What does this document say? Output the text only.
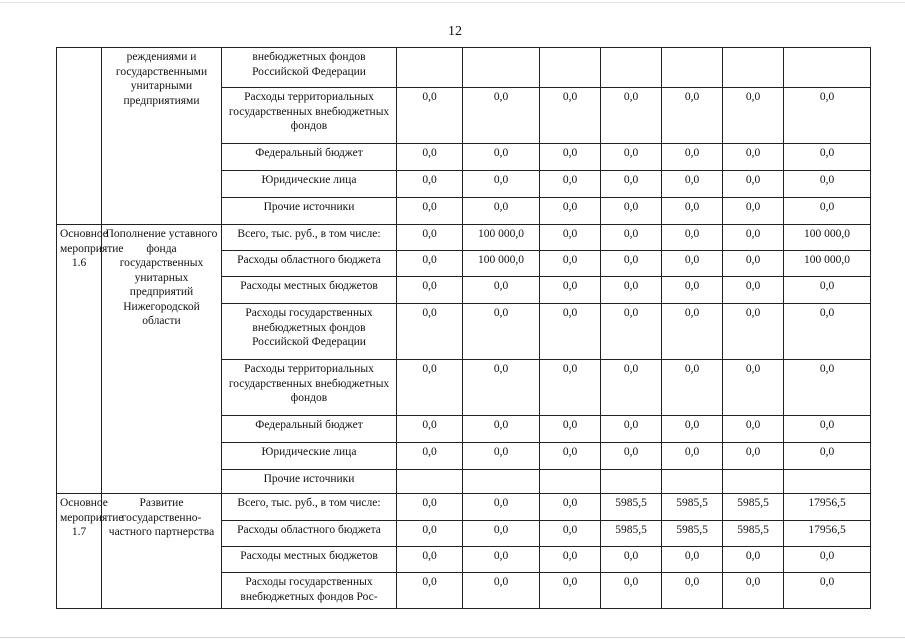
12
	реждениями и государственными унитарными предприятиями	внебюджетных фондов Российской Федерации							
		Расходы территориальных государственных внебюджетных фондов	0,0	0,0	0,0	0,0	0,0	0,0	0,0
		Федеральный бюджет	0,0	0,0	0,0	0,0	0,0	0,0	0,0
		Юридические лица	0,0	0,0	0,0	0,0	0,0	0,0	0,0
		Прочие источники	0,0	0,0	0,0	0,0	0,0	0,0	0,0
Основное мероприятие 1.6	Пополнение уставного фонда государственных унитарных предприятий Нижегородской области	Всего, тыс. руб., в том числе:	0,0	100 000,0	0,0	0,0	0,0	0,0	100 000,0
		Расходы областного бюджета	0,0	100 000,0	0,0	0,0	0,0	0,0	100 000,0
		Расходы местных бюджетов	0,0	0,0	0,0	0,0	0,0	0,0	0,0
		Расходы государственных внебюджетных фондов Российской Федерации	0,0	0,0	0,0	0,0	0,0	0,0	0,0
		Расходы территориальных государственных внебюджетных фондов	0,0	0,0	0,0	0,0	0,0	0,0	0,0
		Федеральный бюджет	0,0	0,0	0,0	0,0	0,0	0,0	0,0
		Юридические лица	0,0	0,0	0,0	0,0	0,0	0,0	0,0
		Прочие источники							
Основное мероприятие 1.7	Развитие государственно-частного партнерства	Всего, тыс. руб., в том числе:	0,0	0,0	0,0	5985,5	5985,5	5985,5	17956,5
		Расходы областного бюджета	0,0	0,0	0,0	5985,5	5985,5	5985,5	17956,5
		Расходы местных бюджетов	0,0	0,0	0,0	0,0	0,0	0,0	0,0
		Расходы государственных внебюджетных фондов Рос-	0,0	0,0	0,0	0,0	0,0	0,0	0,0
